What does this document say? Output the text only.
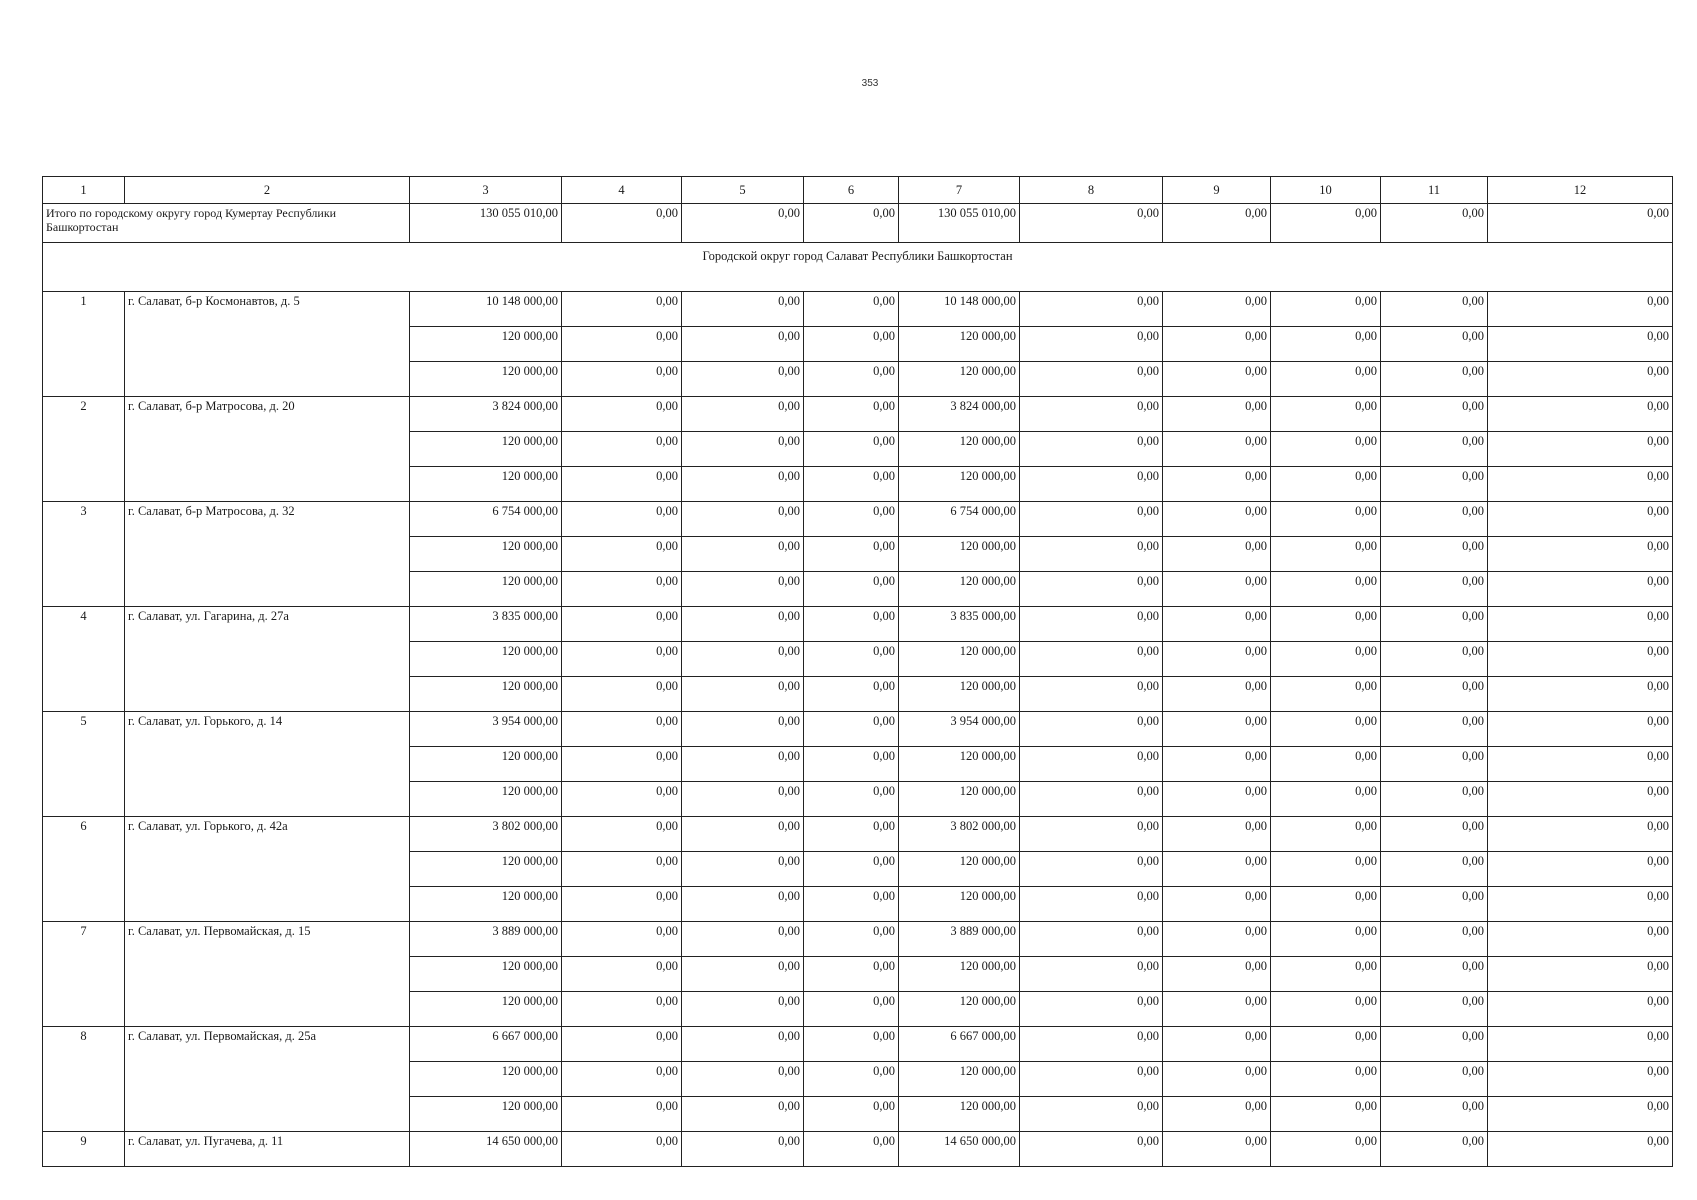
353
1	2	3	4	5	6	7	8	9	10	11	12
Итого по городскому округу город Кумертау Республики Башкортостан		130 055 010,00	0,00	0,00	0,00	130 055 010,00	0,00	0,00	0,00	0,00	0,00
Городской округ город Салават Республики Башкортостан											
1	г. Салават, б-р Космонавтов, д. 5	10 148 000,00	0,00	0,00	0,00	10 148 000,00	0,00	0,00	0,00	0,00	0,00
		120 000,00	0,00	0,00	0,00	120 000,00	0,00	0,00	0,00	0,00	0,00
		120 000,00	0,00	0,00	0,00	120 000,00	0,00	0,00	0,00	0,00	0,00
2	г. Салават, б-р Матросова, д. 20	3 824 000,00	0,00	0,00	0,00	3 824 000,00	0,00	0,00	0,00	0,00	0,00
		120 000,00	0,00	0,00	0,00	120 000,00	0,00	0,00	0,00	0,00	0,00
		120 000,00	0,00	0,00	0,00	120 000,00	0,00	0,00	0,00	0,00	0,00
3	г. Салават, б-р Матросова, д. 32	6 754 000,00	0,00	0,00	0,00	6 754 000,00	0,00	0,00	0,00	0,00	0,00
		120 000,00	0,00	0,00	0,00	120 000,00	0,00	0,00	0,00	0,00	0,00
		120 000,00	0,00	0,00	0,00	120 000,00	0,00	0,00	0,00	0,00	0,00
4	г. Салават, ул. Гагарина, д. 27а	3 835 000,00	0,00	0,00	0,00	3 835 000,00	0,00	0,00	0,00	0,00	0,00
		120 000,00	0,00	0,00	0,00	120 000,00	0,00	0,00	0,00	0,00	0,00
		120 000,00	0,00	0,00	0,00	120 000,00	0,00	0,00	0,00	0,00	0,00
5	г. Салават, ул. Горького, д. 14	3 954 000,00	0,00	0,00	0,00	3 954 000,00	0,00	0,00	0,00	0,00	0,00
		120 000,00	0,00	0,00	0,00	120 000,00	0,00	0,00	0,00	0,00	0,00
		120 000,00	0,00	0,00	0,00	120 000,00	0,00	0,00	0,00	0,00	0,00
6	г. Салават, ул. Горького, д. 42а	3 802 000,00	0,00	0,00	0,00	3 802 000,00	0,00	0,00	0,00	0,00	0,00
		120 000,00	0,00	0,00	0,00	120 000,00	0,00	0,00	0,00	0,00	0,00
		120 000,00	0,00	0,00	0,00	120 000,00	0,00	0,00	0,00	0,00	0,00
7	г. Салават, ул. Первомайская, д. 15	3 889 000,00	0,00	0,00	0,00	3 889 000,00	0,00	0,00	0,00	0,00	0,00
		120 000,00	0,00	0,00	0,00	120 000,00	0,00	0,00	0,00	0,00	0,00
		120 000,00	0,00	0,00	0,00	120 000,00	0,00	0,00	0,00	0,00	0,00
8	г. Салават, ул. Первомайская, д. 25а	6 667 000,00	0,00	0,00	0,00	6 667 000,00	0,00	0,00	0,00	0,00	0,00
		120 000,00	0,00	0,00	0,00	120 000,00	0,00	0,00	0,00	0,00	0,00
		120 000,00	0,00	0,00	0,00	120 000,00	0,00	0,00	0,00	0,00	0,00
9	г. Салават, ул. Пугачева, д. 11	14 650 000,00	0,00	0,00	0,00	14 650 000,00	0,00	0,00	0,00	0,00	0,00
